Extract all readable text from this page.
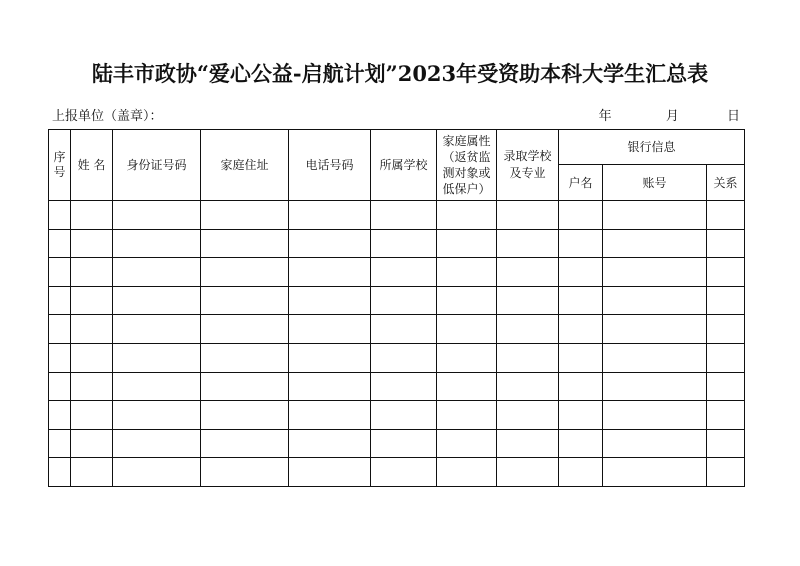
陆丰市政协“爱心公益-启航计划”2023年受资助本科大学生汇总表
上报单位（盖章）：	年	月	日
序号	姓 名	身份证号码	家庭住址	电话号码	所属学校	家庭属性（返贫监测对象或低保户）	录取学校及专业	银行信息		
								户名	账号	关系
